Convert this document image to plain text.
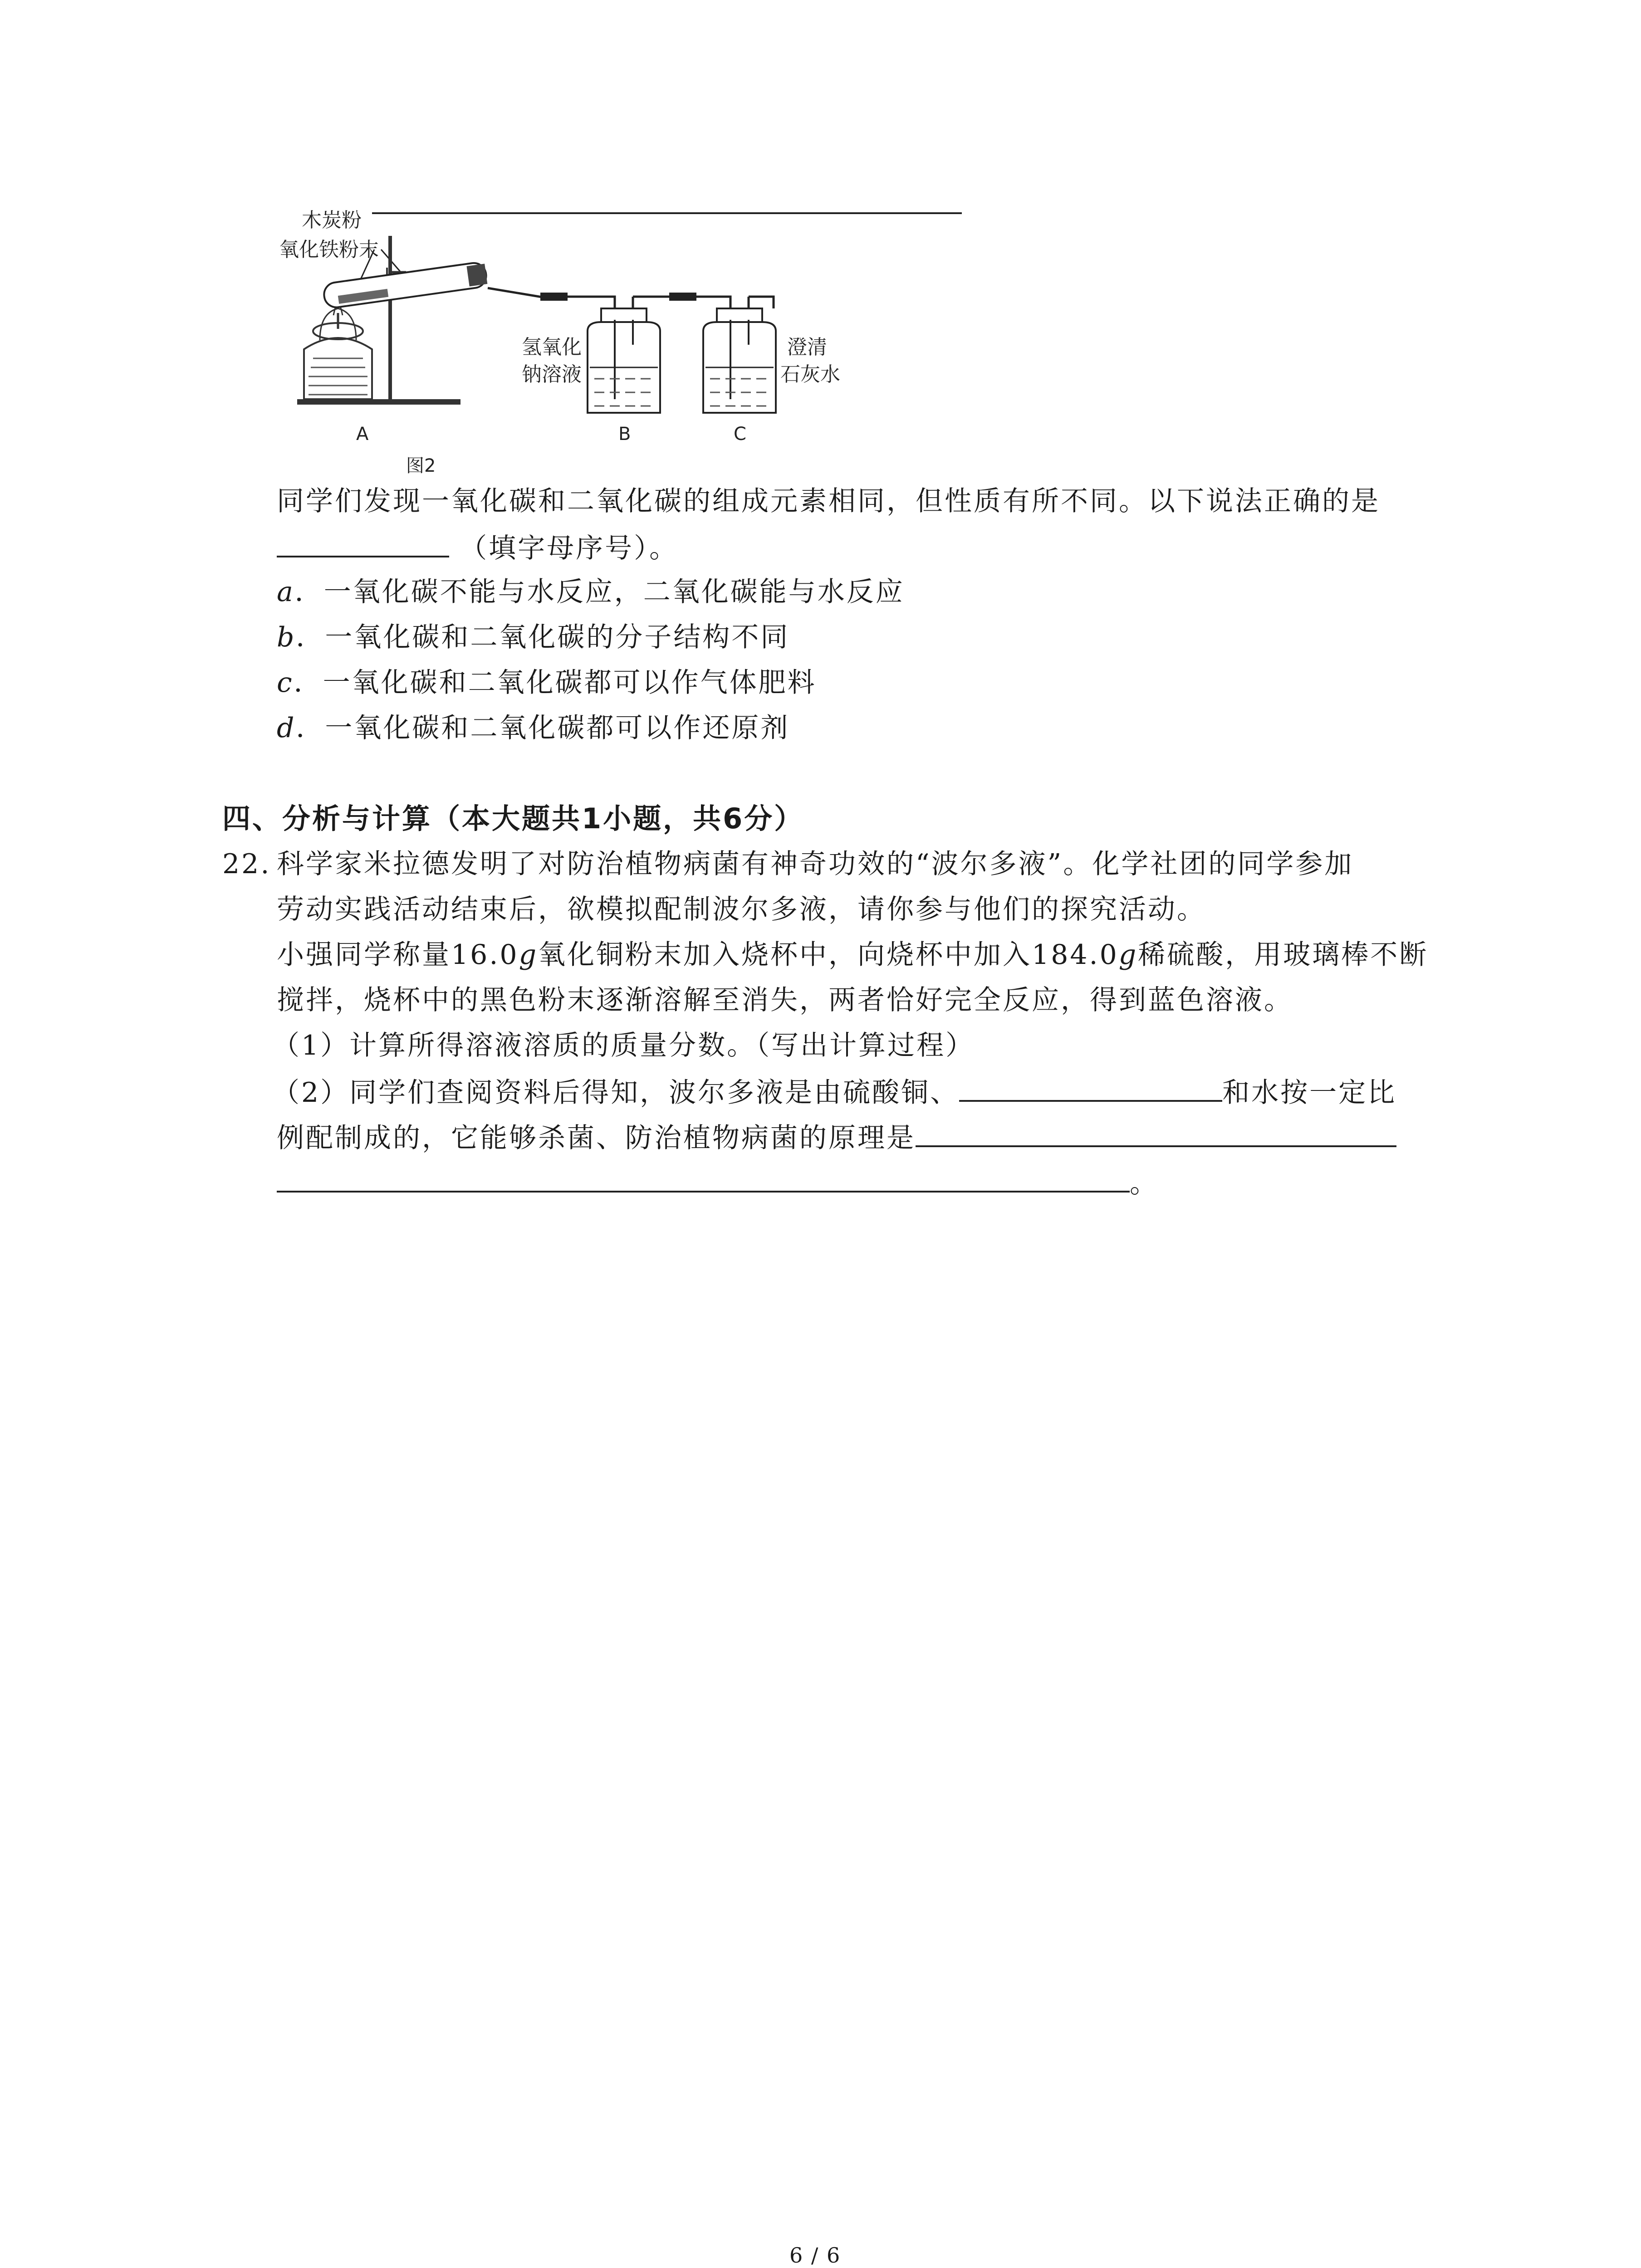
木炭粉
氧化铁粉末
氢氧化
钠溶液
澄清
石灰水
A	B	C
图2
同学们发现一氧化碳和二氧化碳的组成元素相同，但性质有所不同。以下说法正确的是
（填字母序号）。
a．一氧化碳不能与水反应，二氧化碳能与水反应
b．一氧化碳和二氧化碳的分子结构不同
c．一氧化碳和二氧化碳都可以作气体肥料
d．一氧化碳和二氧化碳都可以作还原剂
四、分析与计算（本大题共1小题，共6分）
22. 科学家米拉德发明了对防治植物病菌有神奇功效的“波尔多液”。化学社团的同学参加
劳动实践活动结束后，欲模拟配制波尔多液，请你参与他们的探究活动。
小强同学称量16.0g氧化铜粉末加入烧杯中，向烧杯中加入184.0g稀硫酸，用玻璃棒不断
搅拌，烧杯中的黑色粉末逐渐溶解至消失，两者恰好完全反应，得到蓝色溶液。
（1）计算所得溶液溶质的质量分数。（写出计算过程）
（2）同学们查阅资料后得知，波尔多液是由硫酸铜、	和水按一定比
例配制成的，它能够杀菌、防治植物病菌的原理是
。
6 / 6
